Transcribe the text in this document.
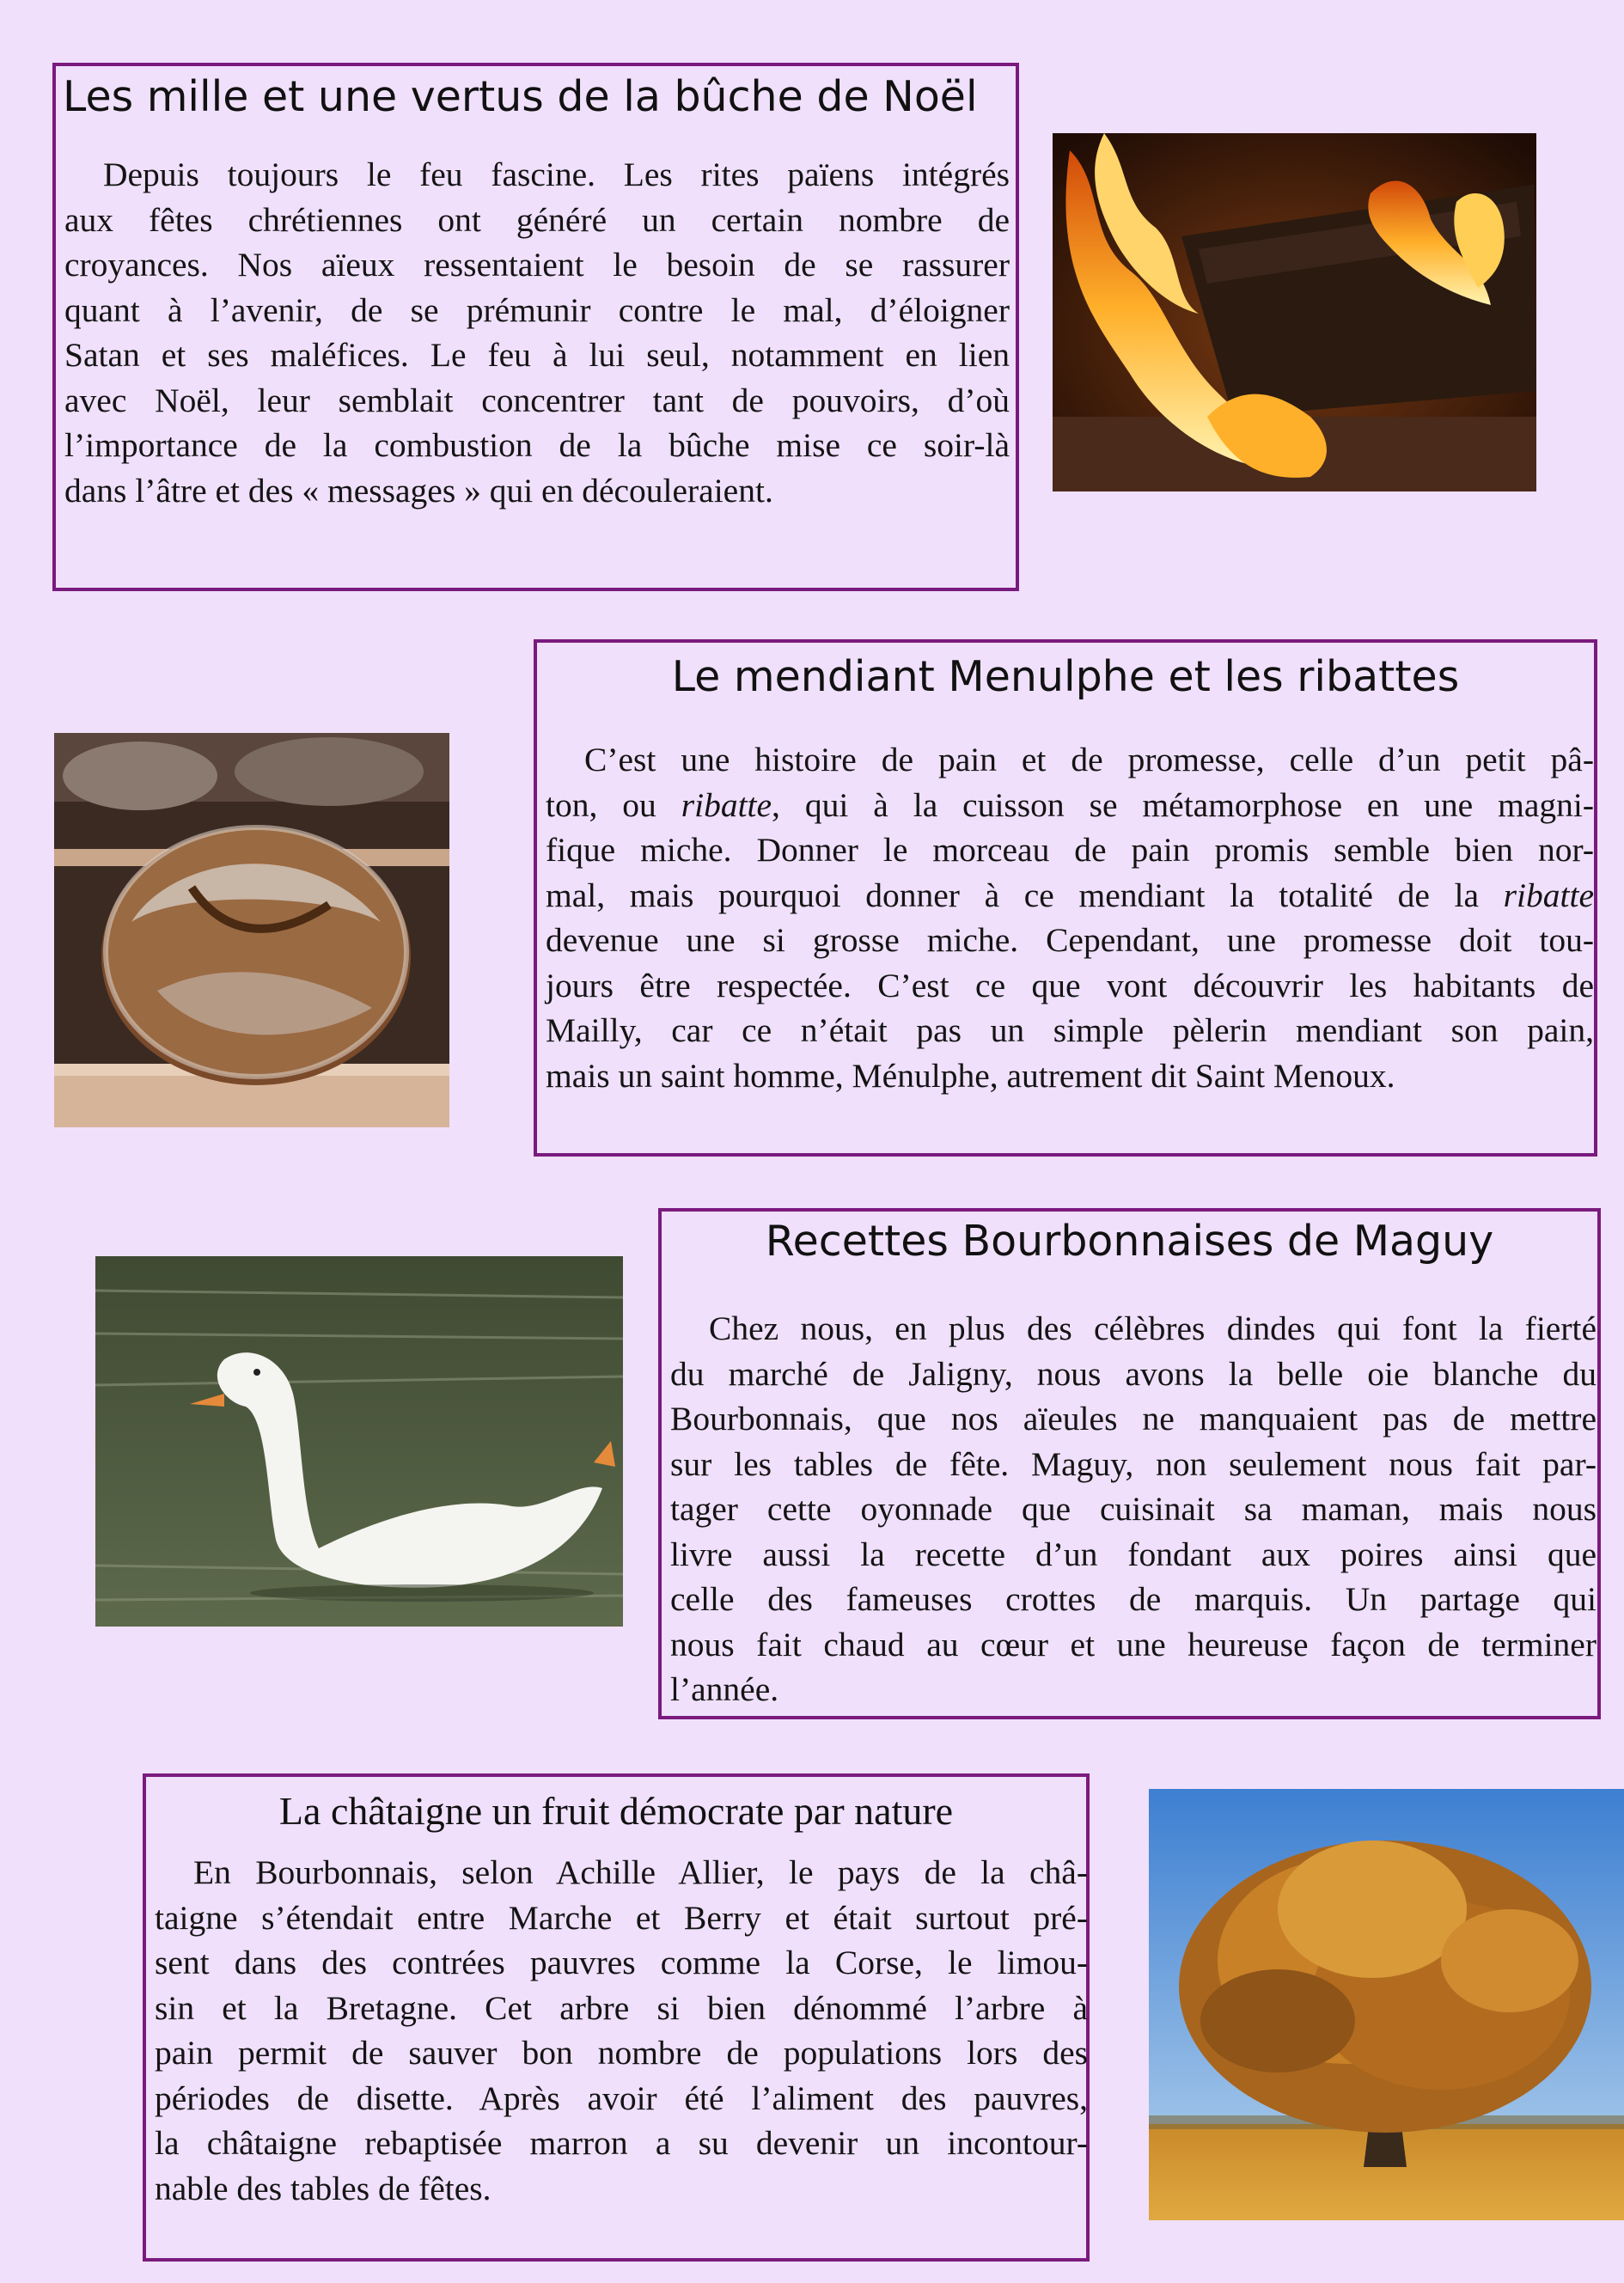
Les mille et une vertus de la bûche de Noël
Depuis toujours le feu fascine. Les rites païens intégrés
aux fêtes chrétiennes ont généré un certain nombre de
croyances. Nos aïeux ressentaient le besoin de se rassurer
quant à l’avenir, de se prémunir contre le mal, d’éloigner
Satan et ses maléfices. Le feu à lui seul, notamment en lien
avec Noël, leur semblait concentrer tant de pouvoirs, d’où
l’importance de la combustion de la bûche mise ce soir-là
dans l’âtre et des « messages » qui en découleraient.
Le mendiant Menulphe et les ribattes
C’est une histoire de pain et de promesse, celle d’un petit pâ-
ton, ou ribatte, qui à la cuisson se métamorphose en une magni-
fique miche. Donner le morceau de pain promis semble bien nor-
mal, mais pourquoi donner à ce mendiant la totalité de la ribatte
devenue une si grosse miche. Cependant, une promesse doit tou-
jours être respectée. C’est ce que vont découvrir les habitants de
Mailly, car ce n’était pas un simple pèlerin mendiant son pain,
mais un saint homme, Ménulphe, autrement dit Saint Menoux.
Recettes Bourbonnaises de Maguy
Chez nous, en plus des célèbres dindes qui font la fierté
du marché de Jaligny, nous avons la belle oie blanche du
Bourbonnais, que nos aïeules ne manquaient pas de mettre
sur les tables de fête. Maguy, non seulement nous fait par-
tager cette oyonnade que cuisinait sa maman, mais nous
livre aussi la recette d’un fondant aux poires ainsi que
celle des fameuses crottes de marquis. Un partage qui
nous fait chaud au cœur et une heureuse façon de terminer
l’année.
La châtaigne un fruit démocrate par nature
En Bourbonnais, selon Achille Allier, le pays de la châ-
taigne s’étendait entre Marche et Berry et était surtout pré-
sent dans des contrées pauvres comme la Corse, le limou-
sin et la Bretagne. Cet arbre si bien dénommé l’arbre à
pain permit de sauver bon nombre de populations lors des
périodes de disette. Après avoir été l’aliment des pauvres,
la châtaigne rebaptisée marron a su devenir un incontour-
nable des tables de fêtes.
